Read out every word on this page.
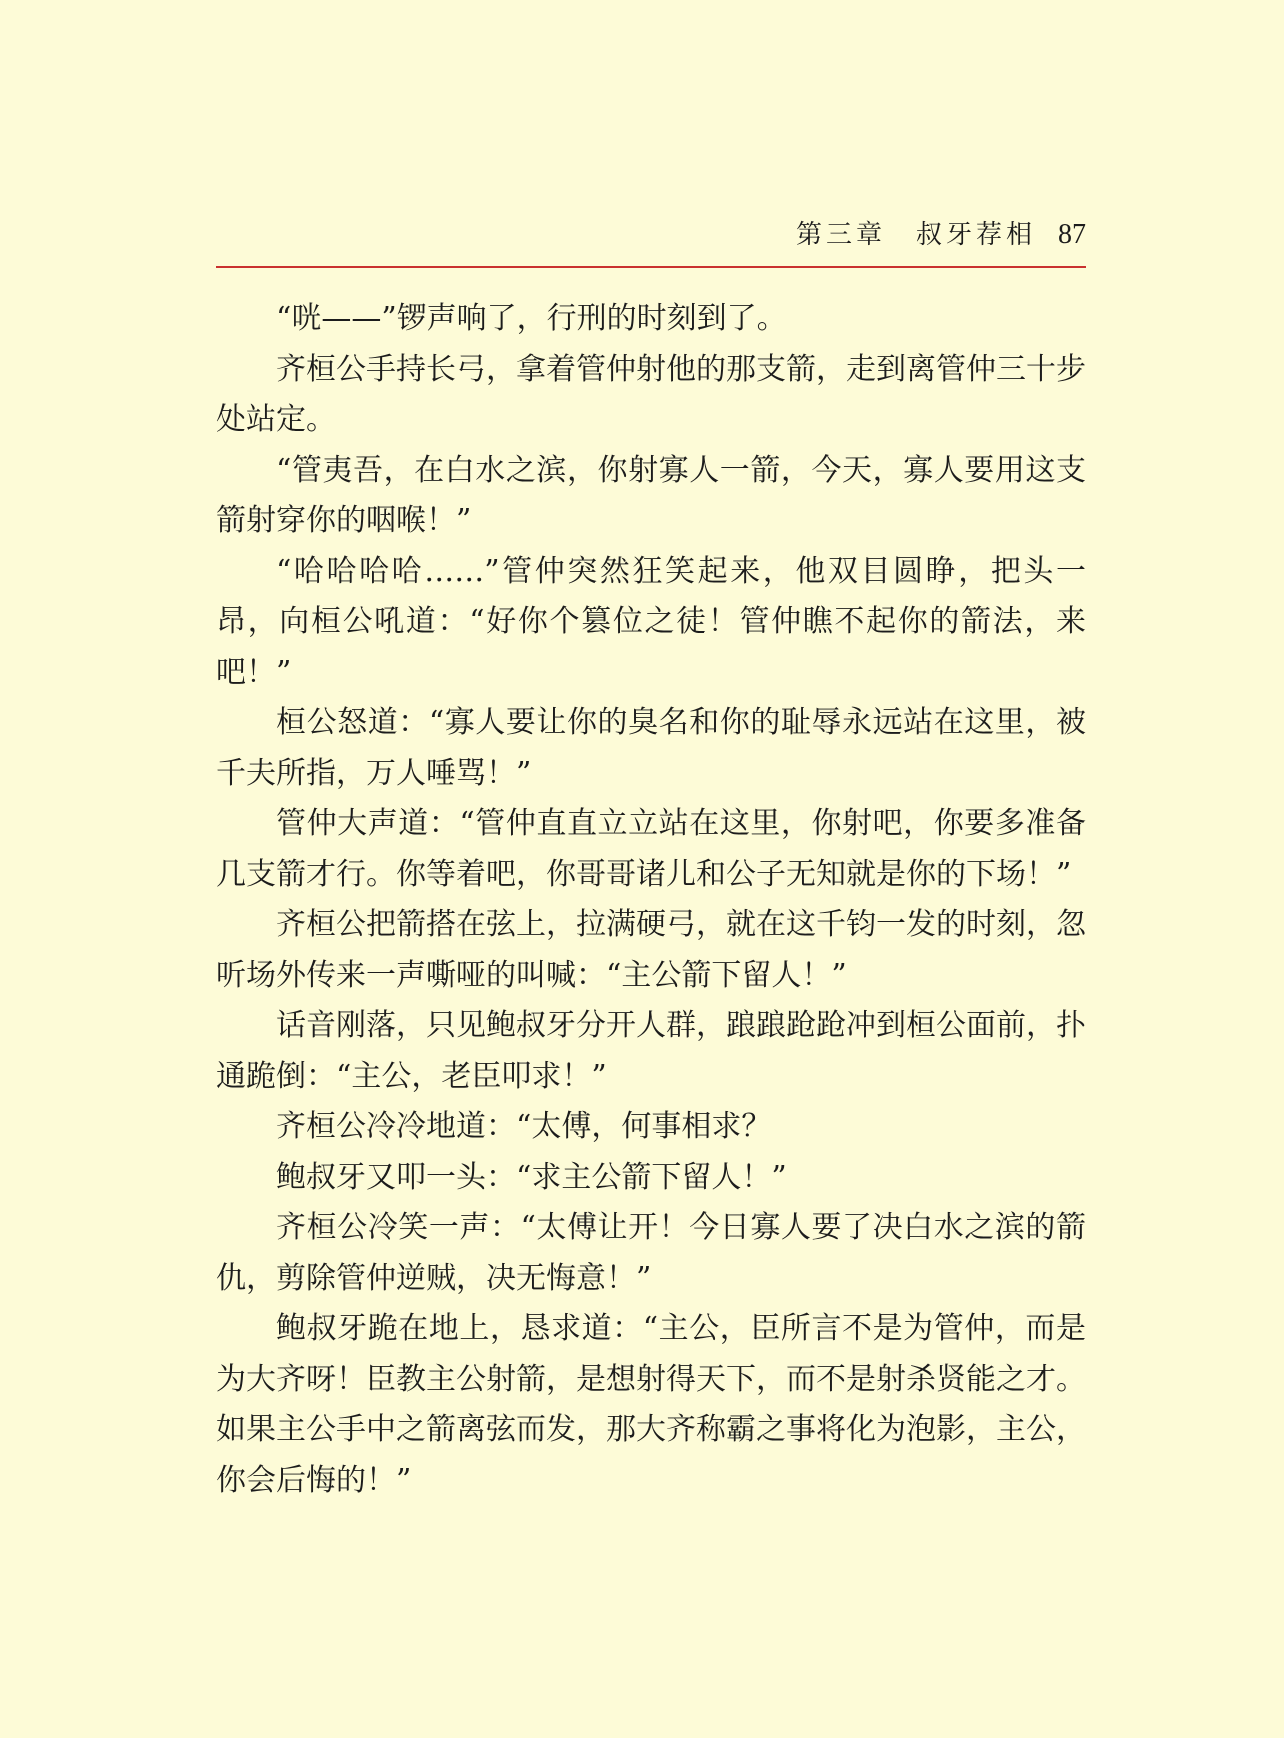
第三章　叔牙荐相 87

“咣——”锣声响了，行刑的时刻到了。

齐桓公手持长弓，拿着管仲射他的那支箭，走到离管仲三十步处站定。

“管夷吾，在白水之滨，你射寡人一箭，今天，寡人要用这支箭射穿你的咽喉！”

“哈哈哈哈……”管仲突然狂笑起来，他双目圆睁，把头一昂，向桓公吼道：“好你个篡位之徒！管仲瞧不起你的箭法，来吧！”

桓公怒道：“寡人要让你的臭名和你的耻辱永远站在这里，被千夫所指，万人唾骂！”

管仲大声道：“管仲直直立立站在这里，你射吧，你要多准备几支箭才行。你等着吧，你哥哥诸儿和公子无知就是你的下场！”

齐桓公把箭搭在弦上，拉满硬弓，就在这千钧一发的时刻，忽听场外传来一声嘶哑的叫喊：“主公箭下留人！”

话音刚落，只见鲍叔牙分开人群，踉踉跄跄冲到桓公面前，扑通跪倒：“主公，老臣叩求！”

齐桓公冷冷地道：“太傅，何事相求？

鲍叔牙又叩一头：“求主公箭下留人！”

齐桓公冷笑一声：“太傅让开！今日寡人要了决白水之滨的箭仇，剪除管仲逆贼，决无悔意！”

鲍叔牙跪在地上，恳求道：“主公，臣所言不是为管仲，而是为大齐呀！臣教主公射箭，是想射得天下，而不是射杀贤能之才。如果主公手中之箭离弦而发，那大齐称霸之事将化为泡影，主公，你会后悔的！”
